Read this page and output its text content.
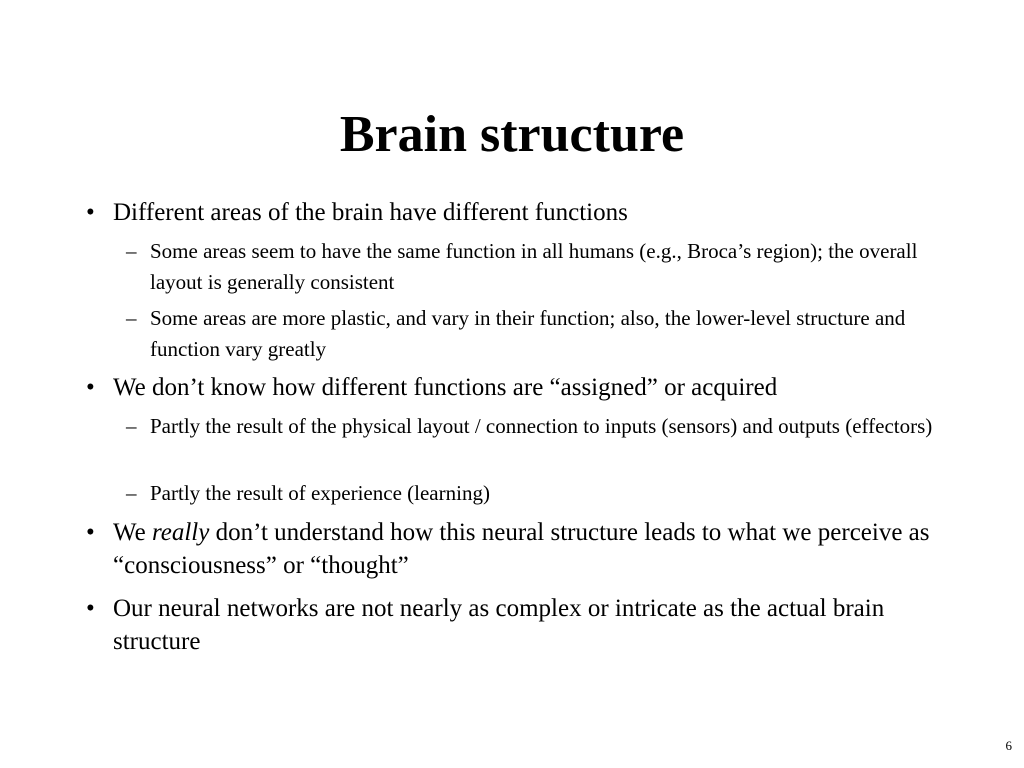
Brain structure
• Different areas of the brain have different functions
– Some areas seem to have the same function in all humans (e.g., Broca’s region); the overall layout is generally consistent
– Some areas are more plastic, and vary in their function; also, the lower-level structure and function vary greatly
• We don’t know how different functions are “assigned” or acquired
– Partly the result of the physical layout / connection to inputs (sensors) and outputs (effectors)
– Partly the result of experience (learning)
• We really don’t understand how this neural structure leads to what we perceive as “consciousness” or “thought”
• Our neural networks are not nearly as complex or intricate as the actual brain structure
6
